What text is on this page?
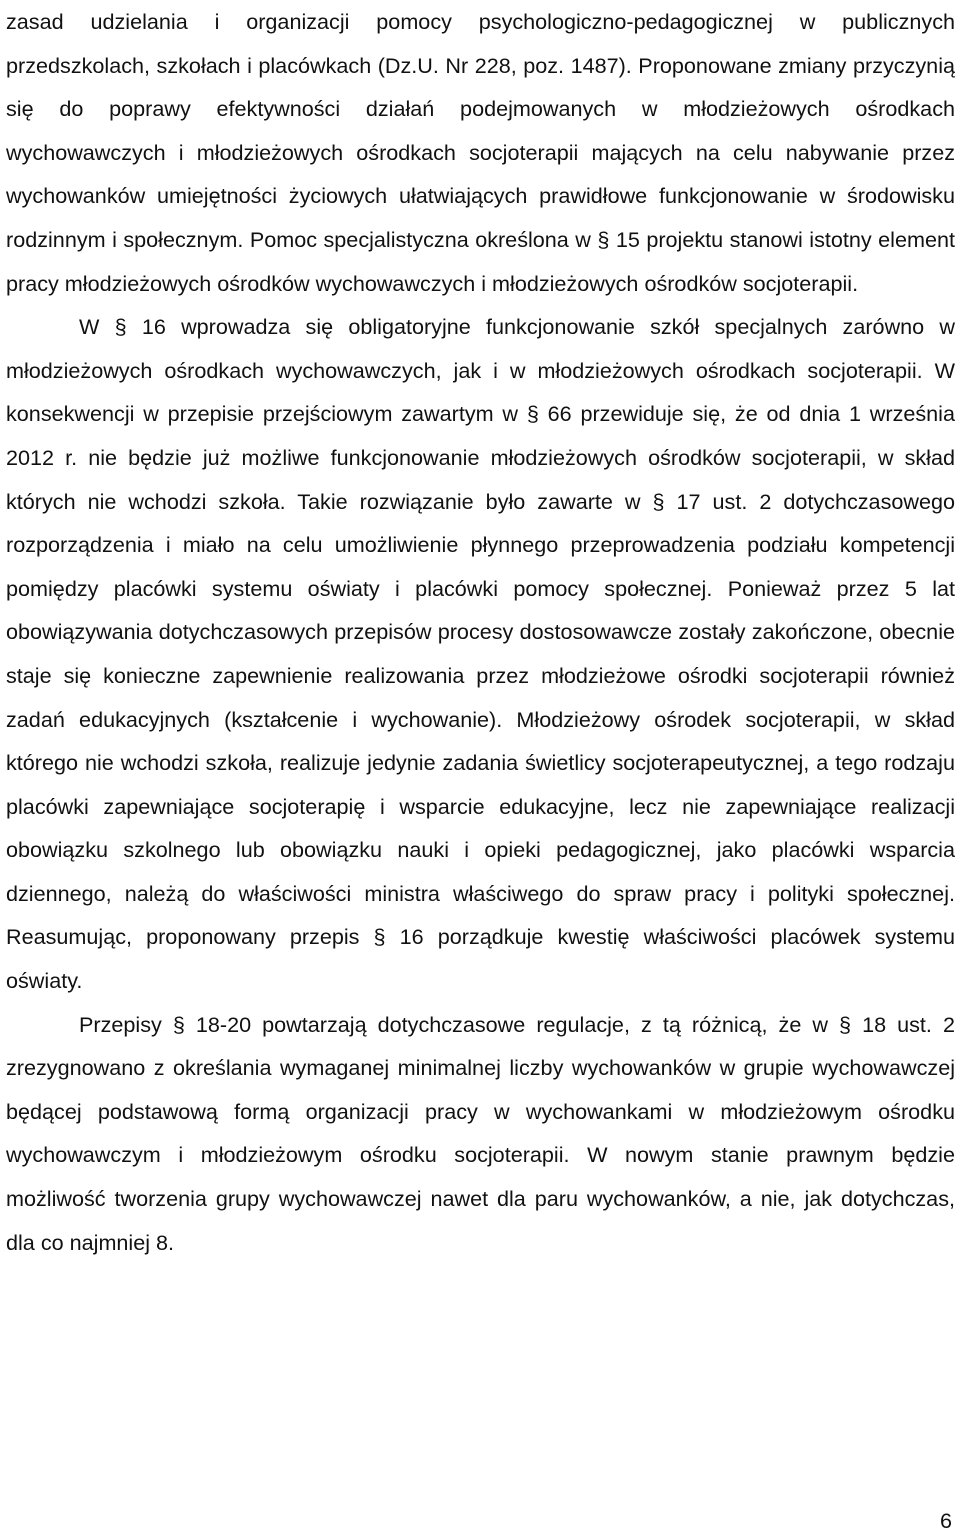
zasad udzielania i organizacji pomocy psychologiczno-pedagogicznej w publicznych przedszkolach, szkołach i placówkach (Dz.U. Nr 228, poz. 1487). Proponowane zmiany przyczynią się do poprawy efektywności działań podejmowanych w młodzieżowych ośrodkach wychowawczych i młodzieżowych ośrodkach socjoterapii mających na celu nabywanie przez wychowanków umiejętności życiowych ułatwiających prawidłowe funkcjonowanie w środowisku rodzinnym i społecznym. Pomoc specjalistyczna określona w § 15 projektu stanowi istotny element pracy młodzieżowych ośrodków wychowawczych i młodzieżowych ośrodków socjoterapii.

W § 16 wprowadza się obligatoryjne funkcjonowanie szkół specjalnych zarówno w młodzieżowych ośrodkach wychowawczych, jak i w młodzieżowych ośrodkach socjoterapii. W konsekwencji w przepisie przejściowym zawartym w § 66 przewiduje się, że od dnia 1 września 2012 r. nie będzie już możliwe funkcjonowanie młodzieżowych ośrodków socjoterapii, w skład których nie wchodzi szkoła. Takie rozwiązanie było zawarte w § 17 ust. 2 dotychczasowego rozporządzenia i miało na celu umożliwienie płynnego przeprowadzenia podziału kompetencji pomiędzy placówki systemu oświaty i placówki pomocy społecznej. Ponieważ przez 5 lat obowiązywania dotychczasowych przepisów procesy dostosowawcze zostały zakończone, obecnie staje się konieczne zapewnienie realizowania przez młodzieżowe ośrodki socjoterapii również zadań edukacyjnych (kształcenie i wychowanie). Młodzieżowy ośrodek socjoterapii, w skład którego nie wchodzi szkoła, realizuje jedynie zadania świetlicy socjoterapeutycznej, a tego rodzaju placówki zapewniające socjoterapię i wsparcie edukacyjne, lecz nie zapewniające realizacji obowiązku szkolnego lub obowiązku nauki i opieki pedagogicznej, jako placówki wsparcia dziennego, należą do właściwości ministra właściwego do spraw pracy i polityki społecznej. Reasumując, proponowany przepis § 16 porządkuje kwestię właściwości placówek systemu oświaty.

Przepisy § 18-20 powtarzają dotychczasowe regulacje, z tą różnicą, że w § 18 ust. 2 zrezygnowano z określania wymaganej minimalnej liczby wychowanków w grupie wychowawczej będącej podstawową formą organizacji pracy w wychowankami w młodzieżowym ośrodku wychowawczym i młodzieżowym ośrodku socjoterapii. W nowym stanie prawnym będzie możliwość tworzenia grupy wychowawczej nawet dla paru wychowanków, a nie, jak dotychczas, dla co najmniej 8.

6
